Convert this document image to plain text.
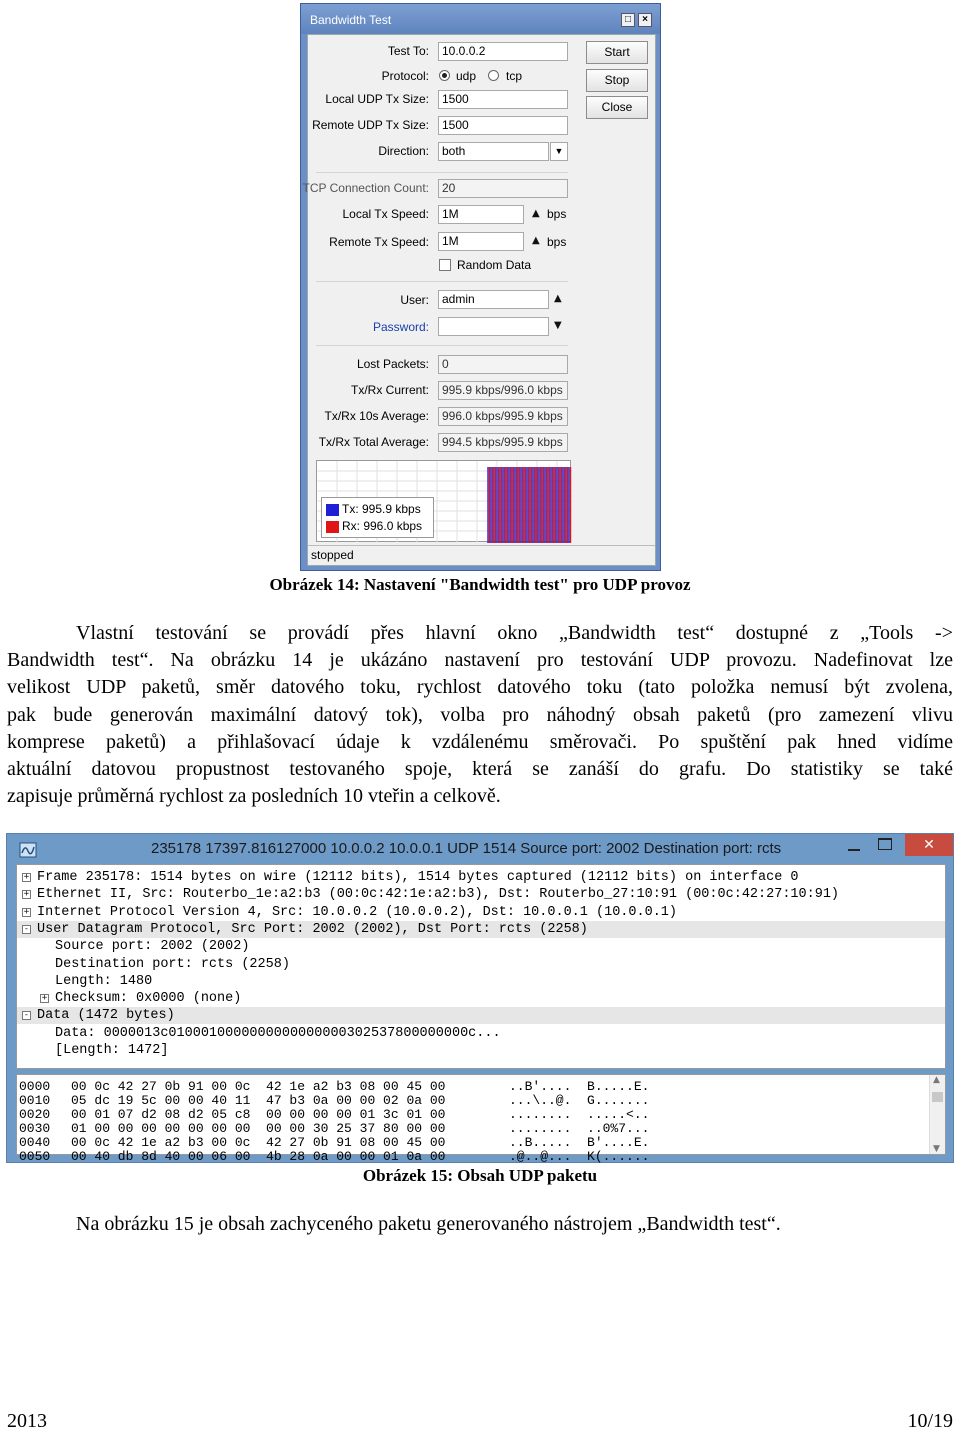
Bandwidth Test	□	×
Test To:	10.0.0.2
Protocol: udp tcp
Local UDP Tx Size:	1500
Remote UDP Tx Size:	1500
Direction:	both	▼
TCP Connection Count:	20
Local Tx Speed:	1M	▲ bps
Remote Tx Speed:	1M	▲ bps
Random Data
User:	admin	▲
Password:	▼
Lost Packets:	0
Tx/Rx Current:	995.9 kbps/996.0 kbps
Tx/Rx 10s Average:	996.0 kbps/995.9 kbps
Tx/Rx Total Average:	994.5 kbps/995.9 kbps
Start
Stop
Close
Tx: 995.9 kbps
Rx: 996.0 kbps
stopped
Obrázek 14: Nastavení "Bandwidth test" pro UDP provoz
Vlastní testování se provádí přes hlavní okno „Bandwidth test“ dostupné z „Tools ->
Bandwidth test“. Na obrázku 14 je ukázáno nastavení pro testování UDP provozu. Nadefinovat lze
velikost UDP paketů, směr datového toku, rychlost datového toku (tato položka nemusí být zvolena,
pak bude generován maximální datový tok), volba pro náhodný obsah paketů (pro zamezení vlivu
komprese paketů) a přihlašovací údaje k vzdálenému směrovači. Po spuštění pak hned vidíme
aktuální datovou propustnost testovaného spoje, která se zanáší do grafu. Do statistiky se také
zapisuje průměrná rychlost za posledních 10 vteřin a celkově.
235178 17397.816127000 10.0.0.2 10.0.0.1 UDP 1514 Source port: 2002 Destination port: rcts	✕
+ Frame 235178: 1514 bytes on wire (12112 bits), 1514 bytes captured (12112 bits) on interface 0
+ Ethernet II, Src: Routerbo_1e:a2:b3 (00:0c:42:1e:a2:b3), Dst: Routerbo_27:10:91 (00:0c:42:27:10:91)
+ Internet Protocol Version 4, Src: 10.0.0.2 (10.0.0.2), Dst: 10.0.0.1 (10.0.0.1)
- User Datagram Protocol, Src Port: 2002 (2002), Dst Port: rcts (2258)
Source port: 2002 (2002)
Destination port: rcts (2258)
Length: 1480
+ Checksum: 0x0000 (none)
- Data (1472 bytes)
Data: 0000013c0100010000000000000000302537800000000c...
[Length: 1472]
▲
▼
0000 00 0c 42 27 0b 91 00 0c  42 1e a2 b3 08 00 45 00	..B'....  B.....E.
0010 05 dc 19 5c 00 00 40 11  47 b3 0a 00 00 02 0a 00	...\..@.  G.......
0020 00 01 07 d2 08 d2 05 c8  00 00 00 00 01 3c 01 00	........  .....<..
0030 01 00 00 00 00 00 00 00  00 00 30 25 37 80 00 00	........  ..0%7...
0040 00 0c 42 1e a2 b3 00 0c  42 27 0b 91 08 00 45 00	..B.....  B'....E.
0050 00 40 db 8d 40 00 06 00  4b 28 0a 00 00 01 0a 00	.@..@...  K(......
Obrázek 15: Obsah UDP paketu
Na obrázku 15 je obsah zachyceného paketu generovaného nástrojem „Bandwidth test“.
2013	10/19
